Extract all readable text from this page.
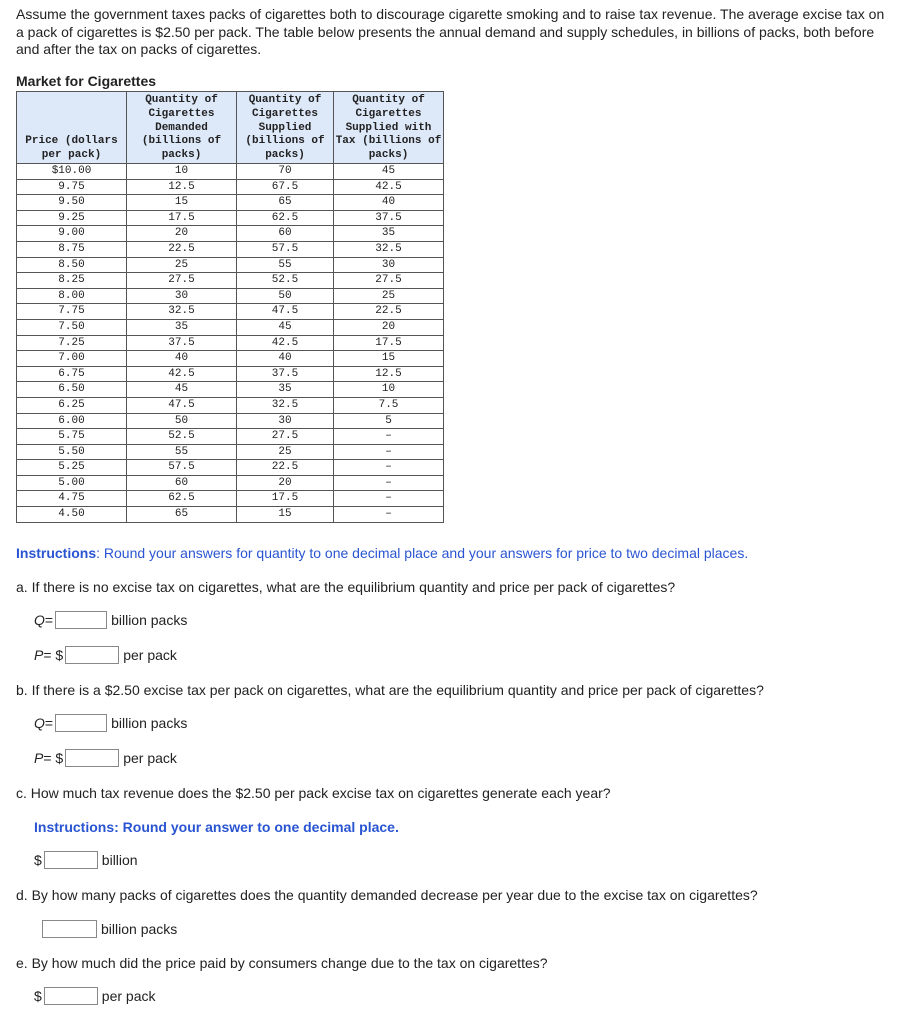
Assume the government taxes packs of cigarettes both to discourage cigarette smoking and to raise tax revenue. The average excise tax on a pack of cigarettes is $2.50 per pack. The table below presents the annual demand and supply schedules, in billions of packs, both before and after the tax on packs of cigarettes.

Market for Cigarettes

Price (dollars per pack)	Quantity of Cigarettes Demanded (billions of packs)	Quantity of Cigarettes Supplied (billions of packs)	Quantity of Cigarettes Supplied with Tax (billions of packs)
$10.00	10	70	45
9.75	12.5	67.5	42.5
9.50	15	65	40
9.25	17.5	62.5	37.5
9.00	20	60	35
8.75	22.5	57.5	32.5
8.50	25	55	30
8.25	27.5	52.5	27.5
8.00	30	50	25
7.75	32.5	47.5	22.5
7.50	35	45	20
7.25	37.5	42.5	17.5
7.00	40	40	15
6.75	42.5	37.5	12.5
6.50	45	35	10
6.25	47.5	32.5	7.5
6.00	50	30	5
5.75	52.5	27.5	–
5.50	55	25	–
5.25	57.5	22.5	–
5.00	60	20	–
4.75	62.5	17.5	–
4.50	65	15	–

Instructions: Round your answers for quantity to one decimal place and your answers for price to two decimal places.

a. If there is no excise tax on cigarettes, what are the equilibrium quantity and price per pack of cigarettes?

Q=	billion packs
P= $	per pack

b. If there is a $2.50 excise tax per pack on cigarettes, what are the equilibrium quantity and price per pack of cigarettes?

Q=	billion packs
P= $	per pack

c. How much tax revenue does the $2.50 per pack excise tax on cigarettes generate each year?

Instructions: Round your answer to one decimal place.

$	billion

d. By how many packs of cigarettes does the quantity demanded decrease per year due to the excise tax on cigarettes?

billion packs

e. By how much did the price paid by consumers change due to the tax on cigarettes?

$	per pack
